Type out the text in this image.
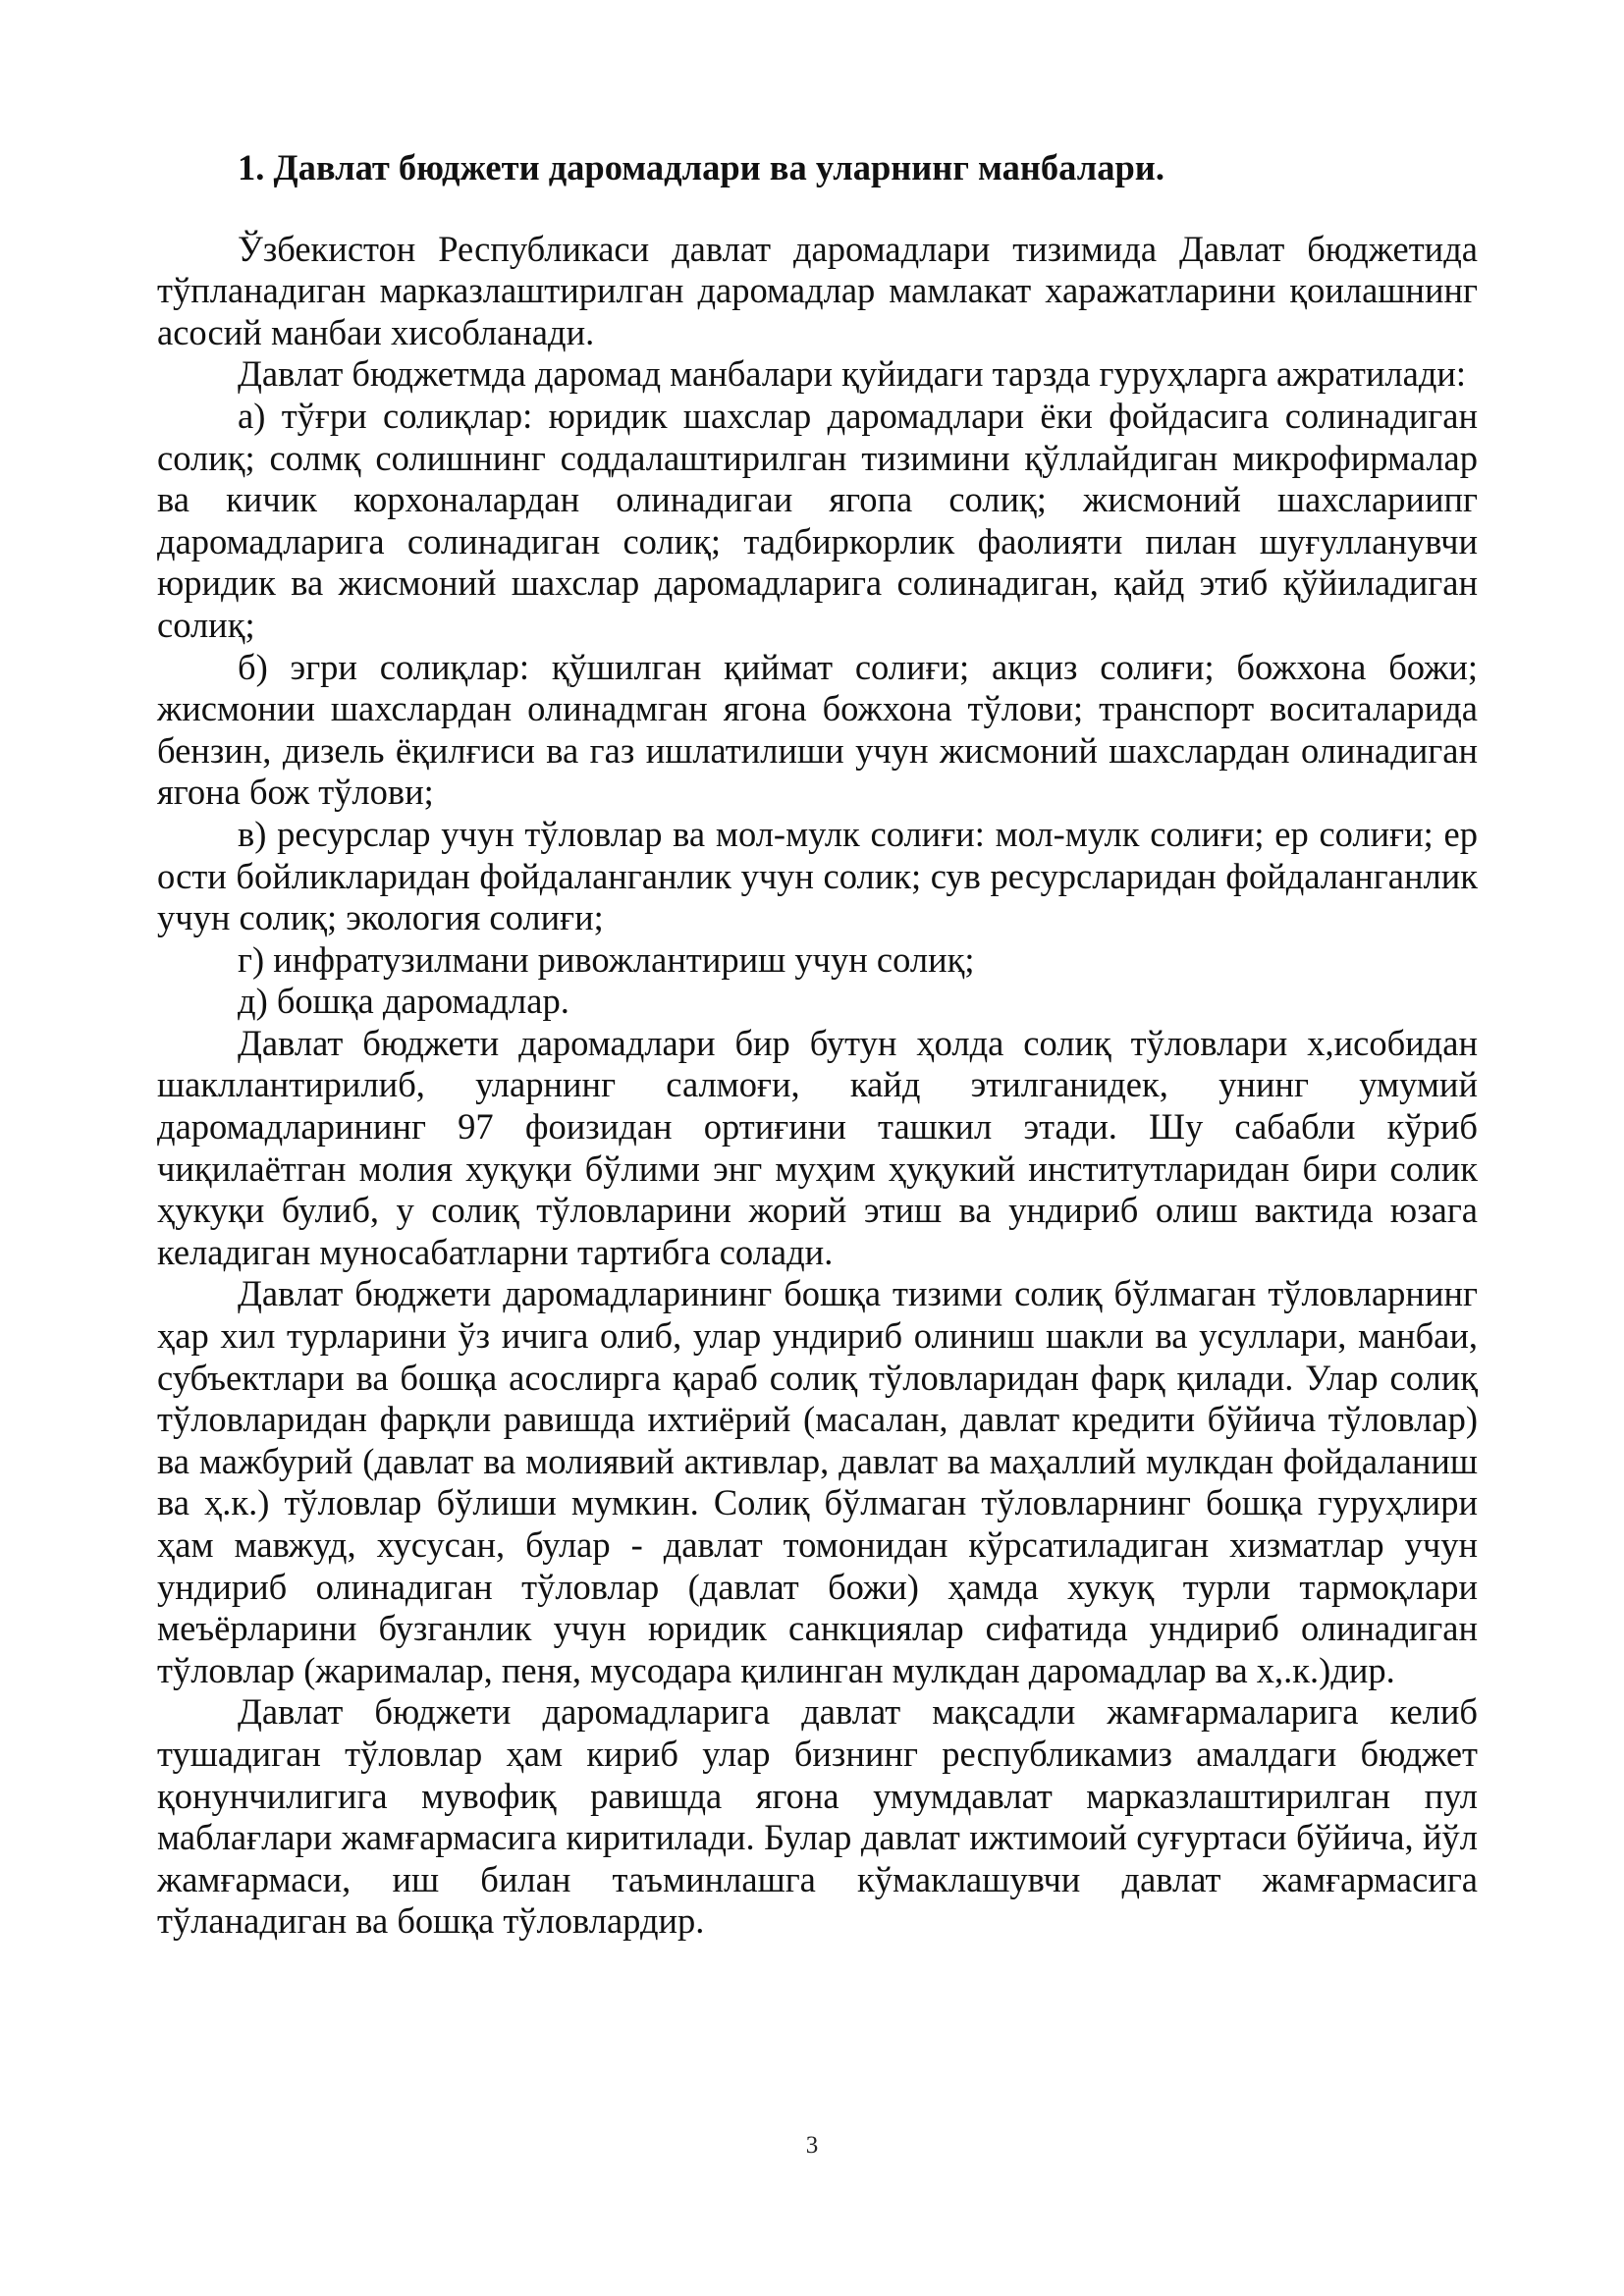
1. Давлат бюджети даромадлари ва уларнинг манбалари.

Ўзбекистон Республикаси давлат даромадлари тизимида Давлат бюджетида тўпланадиган марказлаштирилган даромадлар мамлакат харажатларини қоилашнинг асосий манбаи хисобланади.

Давлат бюджетмда даромад манбалари қуйидаги тарзда гуруҳларга ажратилади:

а) тўғри солиқлар: юридик шахслар даромадлари ёки фойдасига солинадиган солиқ; солмқ солишнинг соддалаштирилган тизимини қўллайдиган микрофирмалар ва кичик корхоналардан олинадигаи ягопа солиқ; жисмоний шахслариипг даромадларига солинадиган солиқ; тадбиркорлик фаолияти пилан шуғулланувчи юридик ва жисмоний шахслар даромадларига солинадиган, қайд этиб қўйиладиган солиқ;

б) эгри солиқлар: қўшилган қиймат солиғи; акциз солиғи; божхона божи; жисмонии шахслардан олинадмган ягона божхона тўлови; транспорт воситаларида бензин, дизель ёқилғиси ва газ ишлатилиши учун жисмоний шахслардан олинадиган ягона бож тўлови;

в) ресурслар учун тўловлар ва мол-мулк солиғи: мол-мулк солиғи; ер солиғи; ер ости бойликларидан фойдаланганлик учун солик; сув ресурсларидан фойдаланганлик учун солиқ; экология солиғи;

г) инфратузилмани ривожлантириш учун солиқ;

д) бошқа даромадлар.

Давлат бюджети даромадлари бир бутун ҳолда солиқ тўловлари х,исобидан шакллантирилиб, уларнинг салмоғи, кайд этилганидек, унинг умумий даромадларининг 97 фоизидан ортиғини ташкил этади. Шу сабабли кўриб чиқилаётган молия хуқуқи бўлими энг муҳим ҳуқукий институтларидан бири солик ҳукуқи булиб, у солиқ тўловларини жорий этиш ва ундириб олиш вактида юзага келадиган муносабатларни тартибга солади.

Давлат бюджети даромадларининг бошқа тизими солиқ бўлмаган тўловларнинг ҳар хил турларини ўз ичига олиб, улар ундириб олиниш шакли ва усуллари, манбаи, субъектлари ва бошқа асослирга қараб солиқ тўловларидан фарқ қилади. Улар солиқ тўловларидан фарқли равишда ихтиёрий (масалан, давлат кредити бўйича тўловлар) ва мажбурий (давлат ва молиявий активлар, давлат ва маҳаллий мулкдан фойдаланиш ва ҳ.к.) тўловлар бўлиши мумкин. Солиқ бўлмаган тўловларнинг бошқа гуруҳлири ҳам мавжуд, хусусан, булар - давлат томонидан кўрсатиладиган хизматлар учун ундириб олинадиган тўловлар (давлат божи) ҳамда хукуқ турли тармоқлари меъёрларини бузганлик учун юридик санкциялар сифатида ундириб олинадиган тўловлар (жарималар, пеня, мусодара қилинган мулкдан даромадлар ва х,.к.)дир.

Давлат бюджети даромадларига давлат мақсадли жамғармаларига келиб тушадиган тўловлар ҳам кириб улар бизнинг республикамиз амалдаги бюджет қонунчилигига мувофиқ равишда ягона умумдавлат марказлаштирилган пул маблағлари жамғармасига киритилади. Булар давлат ижтимоий суғуртаси бўйича, йўл жамғармаси, иш билан таъминлашга кўмаклашувчи давлат жамғармасига тўланадиган ва бошқа тўловлардир.

3
